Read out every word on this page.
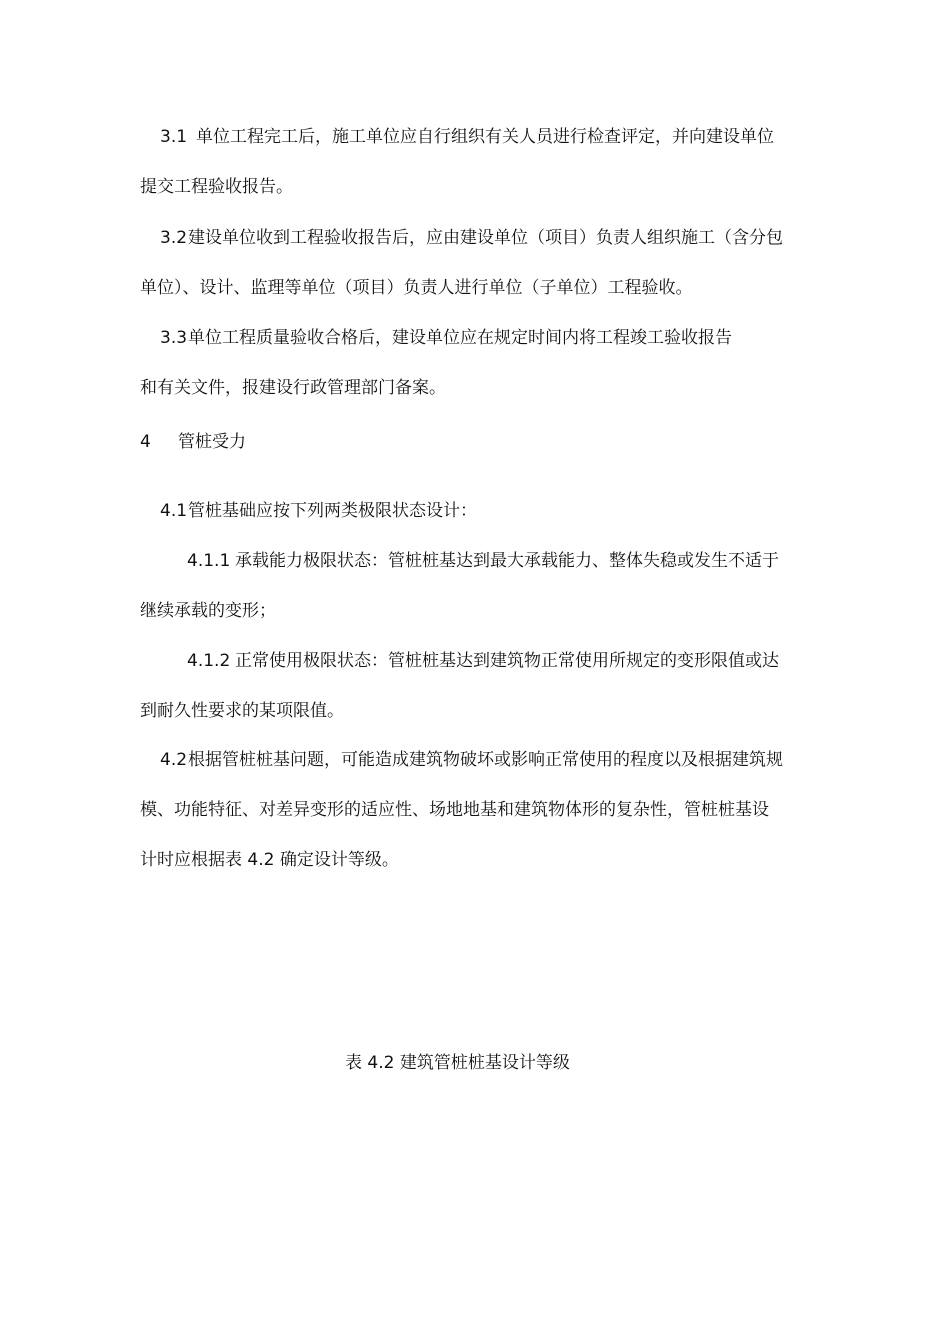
3.1 单位工程完工后，施工单位应自行组织有关人员进行检查评定，并向建设单位
提交工程验收报告。
3.2建设单位收到工程验收报告后，应由建设单位（项目）负责人组织施工（含分包
单位）、设计、监理等单位（项目）负责人进行单位（子单位）工程验收。
3.3单位工程质量验收合格后，建设单位应在规定时间内将工程竣工验收报告
和有关文件，报建设行政管理部门备案。
4 管桩受力
4.1管桩基础应按下列两类极限状态设计：
4.1.1 承载能力极限状态：管桩桩基达到最大承载能力、整体失稳或发生不适于
继续承载的变形；
4.1.2 正常使用极限状态：管桩桩基达到建筑物正常使用所规定的变形限值或达
到耐久性要求的某项限值。
4.2根据管桩桩基问题，可能造成建筑物破坏或影响正常使用的程度以及根据建筑规
模、功能特征、对差异变形的适应性、场地地基和建筑物体形的复杂性，管桩桩基设
计时应根据表 4.2 确定设计等级。
表 4.2 建筑管桩桩基设计等级
